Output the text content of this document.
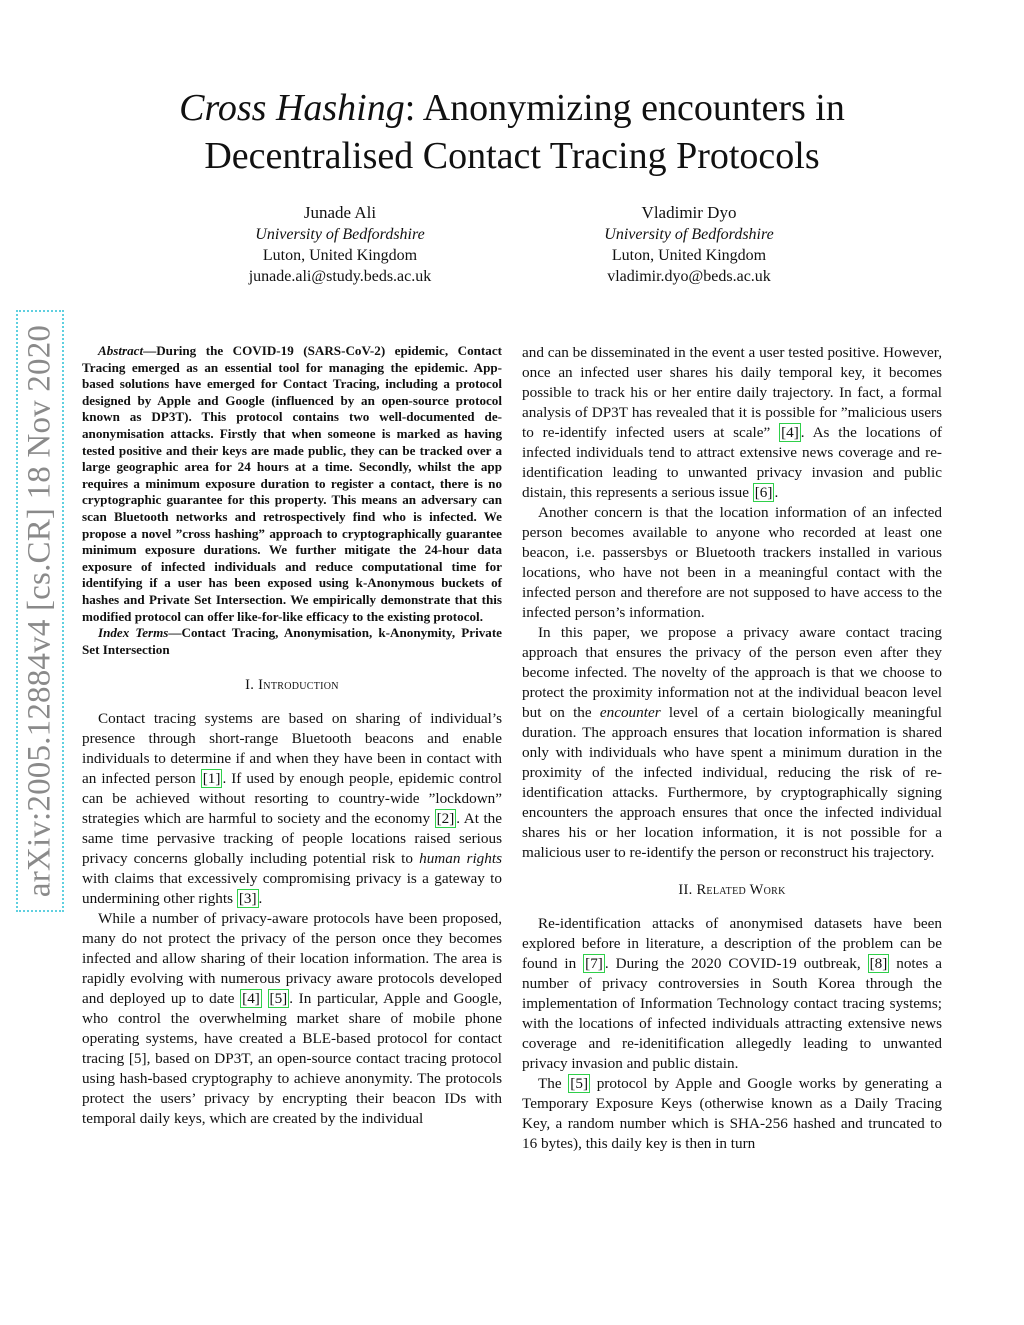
arXiv:2005.12884v4 [cs.CR] 18 Nov 2020
Cross Hashing: Anonymizing encounters in
Decentralised Contact Tracing Protocols
Junade Ali
University of Bedfordshire
Luton, United Kingdom
junade.ali@study.beds.ac.uk
Vladimir Dyo
University of Bedfordshire
Luton, United Kingdom
vladimir.dyo@beds.ac.uk

Abstract—During the COVID-19 (SARS-CoV-2) epidemic, Contact Tracing emerged as an essential tool for managing the epidemic. App-based solutions have emerged for Contact Tracing, including a protocol designed by Apple and Google (influenced by an open-source protocol known as DP3T). This protocol contains two well-documented de-anonymisation attacks. Firstly that when someone is marked as having tested positive and their keys are made public, they can be tracked over a large geographic area for 24 hours at a time. Secondly, whilst the app requires a minimum exposure duration to register a contact, there is no cryptographic guarantee for this property. This means an adversary can scan Bluetooth networks and retrospectively find who is infected. We propose a novel ”cross hashing” approach to cryptographically guarantee minimum exposure durations. We further mitigate the 24-hour data exposure of infected individuals and reduce computational time for identifying if a user has been exposed using k-Anonymous buckets of hashes and Private Set Intersection. We empirically demonstrate that this modified protocol can offer like-for-like efficacy to the existing protocol.

Index Terms—Contact Tracing, Anonymisation, k-Anonymity, Private Set Intersection

I. Introduction

Contact tracing systems are based on sharing of individual’s presence through short-range Bluetooth beacons and enable individuals to determine if and when they have been in contact with an infected person [1] . If used by enough people, epidemic control can be achieved without resorting to country-wide ”lockdown” strategies which are harmful to society and the economy [2] . At the same time pervasive tracking of people locations raised serious privacy concerns globally including potential risk to human rights with claims that excessively compromising privacy is a gateway to undermining other rights [3] .

While a number of privacy-aware protocols have been proposed, many do not protect the privacy of the person once they becomes infected and allow sharing of their location information. The area is rapidly evolving with numerous privacy aware protocols developed and deployed up to date [4] [5] . In particular, Apple and Google, who control the overwhelming market share of mobile phone operating systems, have created a BLE-based protocol for contact tracing [5], based on DP3T, an open-source contact tracing protocol using hash-based cryptography to achieve anonymity. The protocols protect the users’ privacy by encrypting their beacon IDs with temporal daily keys, which are created by the individual

and can be disseminated in the event a user tested positive. However, once an infected user shares his daily temporal key, it becomes possible to track his or her entire daily trajectory. In fact, a formal analysis of DP3T has revealed that it is possible for ”malicious users to re-identify infected users at scale” [4] . As the locations of infected individuals tend to attract extensive news coverage and re-identification leading to unwanted privacy invasion and public distain, this represents a serious issue [6] .

Another concern is that the location information of an infected person becomes available to anyone who recorded at least one beacon, i.e. passersbys or Bluetooth trackers installed in various locations, who have not been in a meaningful contact with the infected person and therefore are not supposed to have access to the infected person’s information.

In this paper, we propose a privacy aware contact tracing approach that ensures the privacy of the person even after they become infected. The novelty of the approach is that we choose to protect the proximity information not at the individual beacon level but on the encounter level of a certain biologically meaningful duration. The approach ensures that location information is shared only with individuals who have spent a minimum duration in the proximity of the infected individual, reducing the risk of re-identification attacks. Furthermore, by cryptographically signing encounters the approach ensures that once the infected individual shares his or her location information, it is not possible for a malicious user to re-identify the person or reconstruct his trajectory.

II. Related Work

Re-identification attacks of anonymised datasets have been explored before in literature, a description of the problem can be found in [7] . During the 2020 COVID-19 outbreak, [8] notes a number of privacy controversies in South Korea through the implementation of Information Technology contact tracing systems; with the locations of infected individuals attracting extensive news coverage and re-idenitification allegedly leading to unwanted privacy invasion and public distain.

The [5] protocol by Apple and Google works by generating a Temporary Exposure Keys (otherwise known as a Daily Tracing Key, a random number which is SHA-256 hashed and truncated to 16 bytes), this daily key is then in turn
